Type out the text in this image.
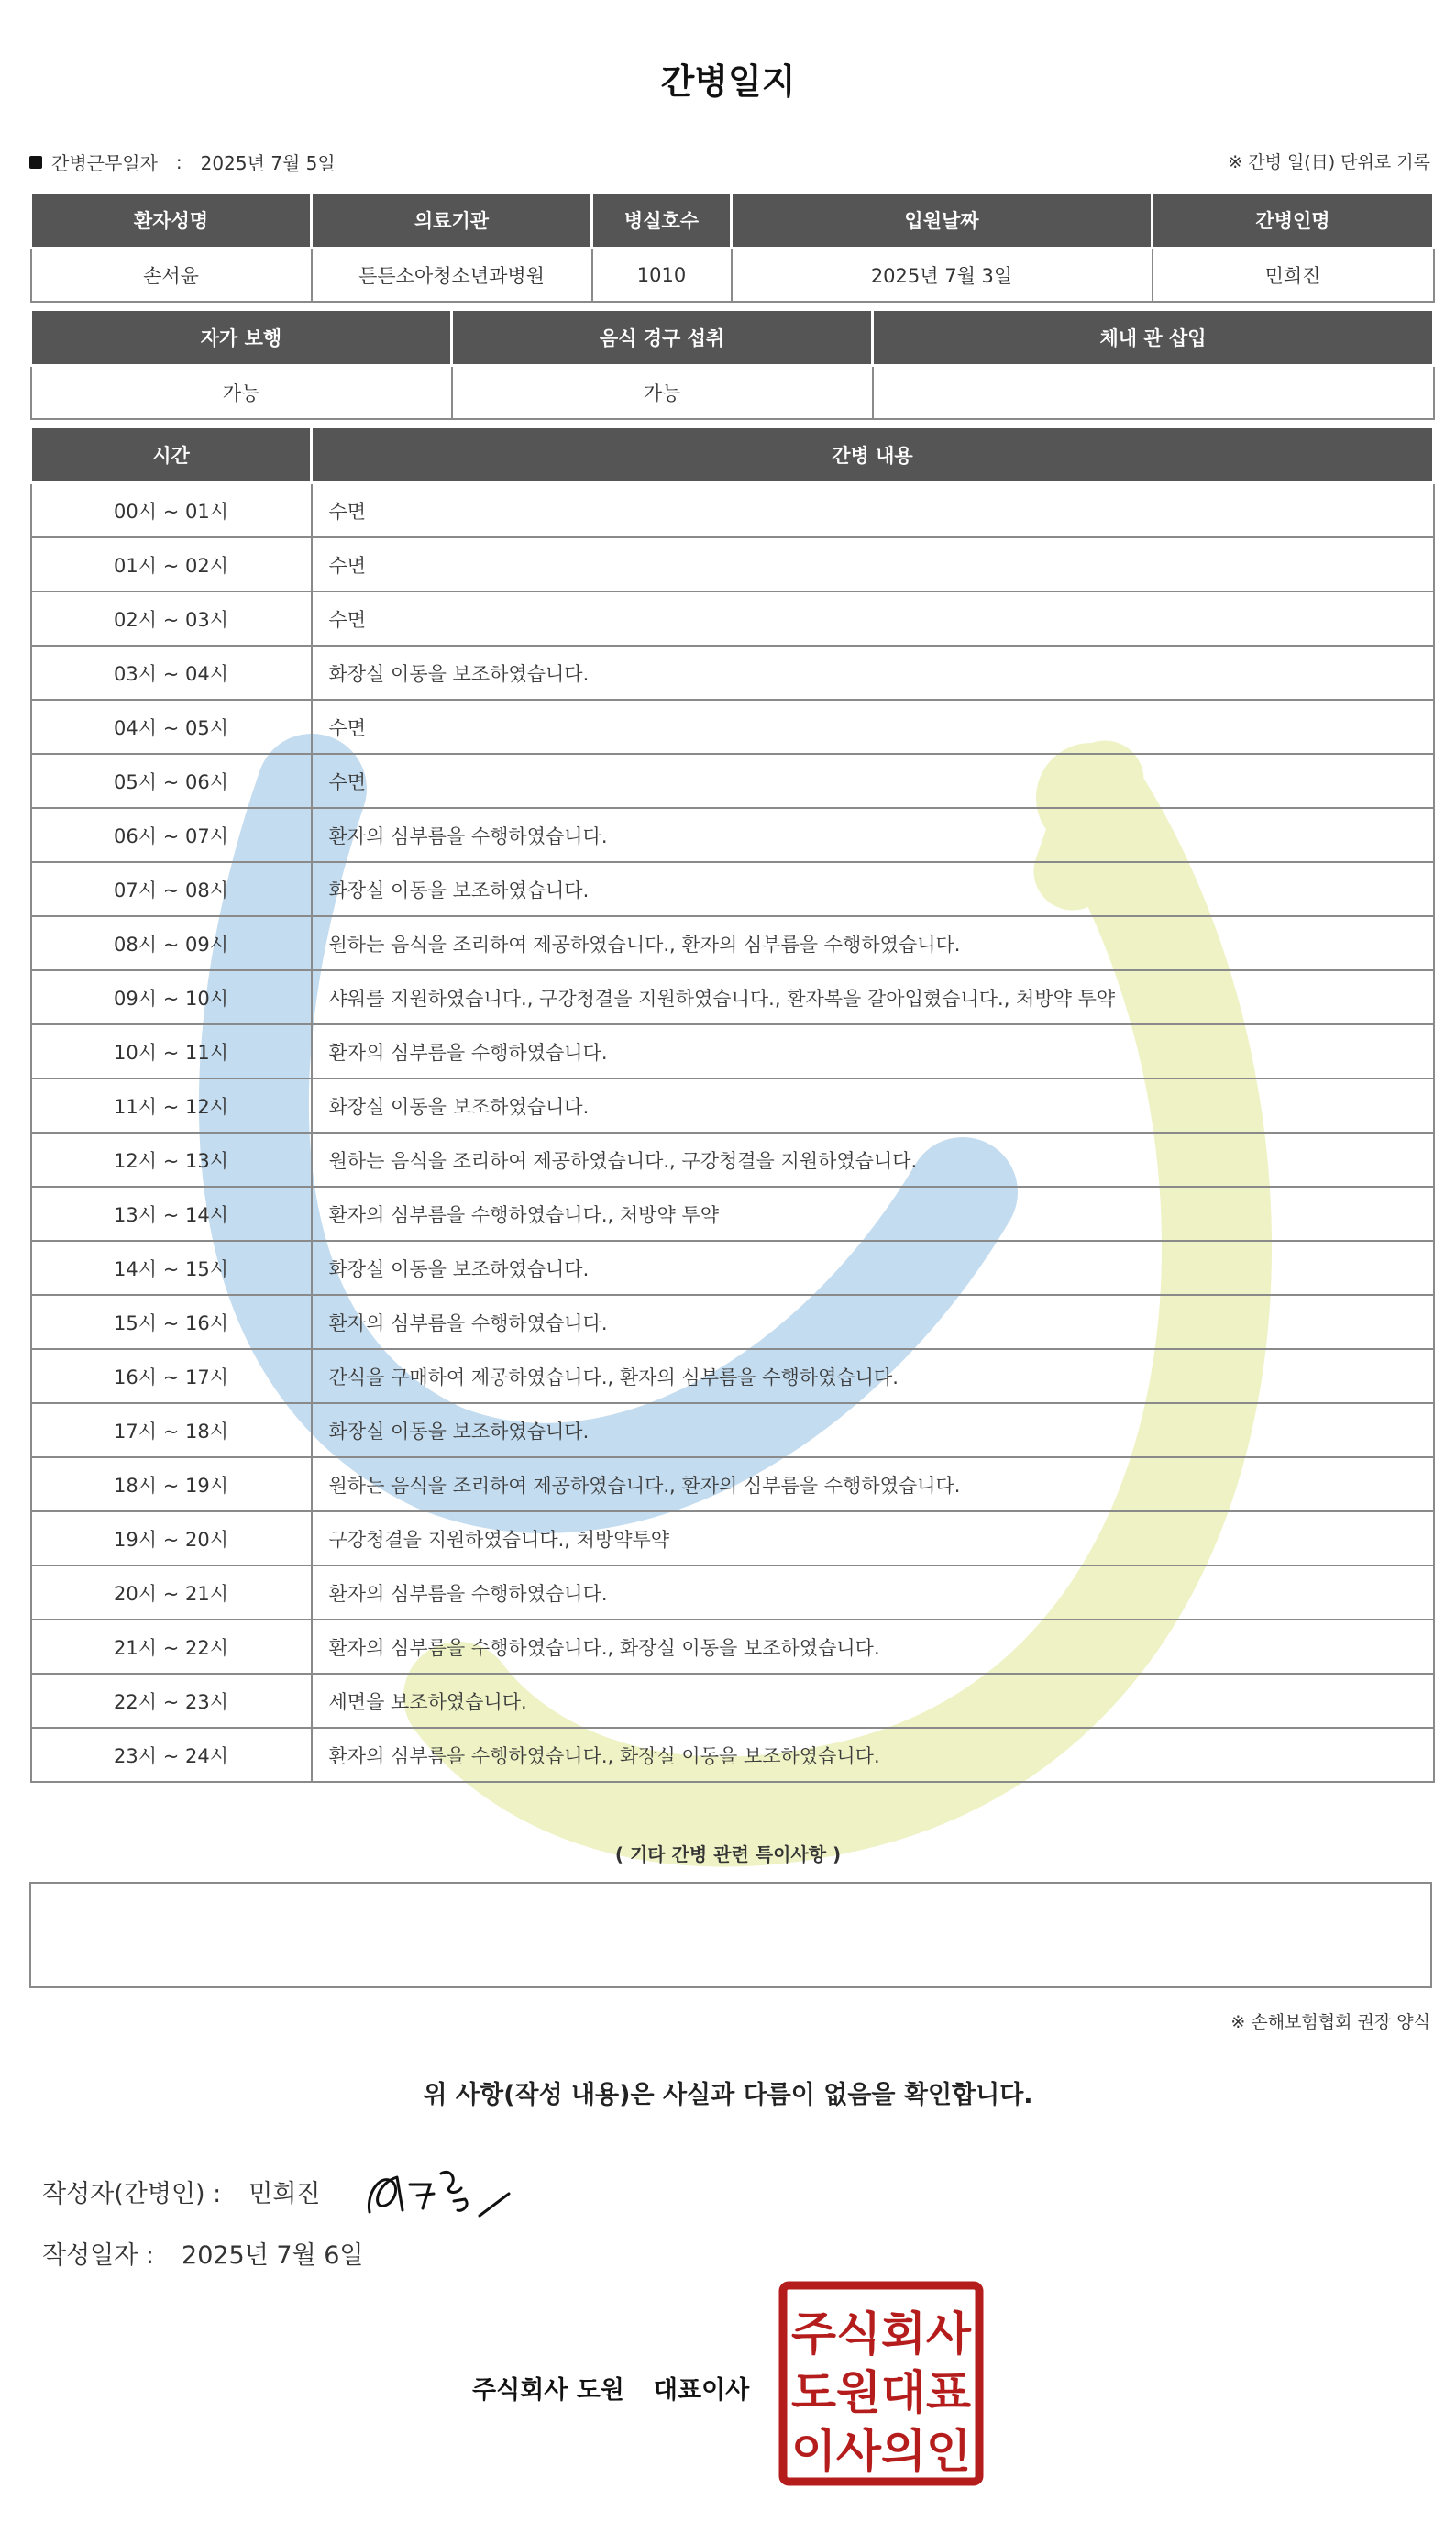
간병일지
간병근무일자 : 2025년 7월 5일	※ 간병 일(日) 단위로 기록
환자성명	의료기관	병실호수	입원날짜	간병인명
손서윤	튼튼소아청소년과병원	1010	2025년 7월 3일	민희진
자가 보행	음식 경구 섭취	체내 관 삽입
가능	가능	
시간	간병 내용
00시 ~ 01시	수면
01시 ~ 02시	수면
02시 ~ 03시	수면
03시 ~ 04시	화장실 이동을 보조하였습니다.
04시 ~ 05시	수면
05시 ~ 06시	수면
06시 ~ 07시	환자의 심부름을 수행하였습니다.
07시 ~ 08시	화장실 이동을 보조하였습니다.
08시 ~ 09시	원하는 음식을 조리하여 제공하였습니다., 환자의 심부름을 수행하였습니다.
09시 ~ 10시	샤워를 지원하였습니다., 구강청결을 지원하였습니다., 환자복을 갈아입혔습니다., 처방약 투약
10시 ~ 11시	환자의 심부름을 수행하였습니다.
11시 ~ 12시	화장실 이동을 보조하였습니다.
12시 ~ 13시	원하는 음식을 조리하여 제공하였습니다., 구강청결을 지원하였습니다.
13시 ~ 14시	환자의 심부름을 수행하였습니다., 처방약 투약
14시 ~ 15시	화장실 이동을 보조하였습니다.
15시 ~ 16시	환자의 심부름을 수행하였습니다.
16시 ~ 17시	간식을 구매하여 제공하였습니다., 환자의 심부름을 수행하였습니다.
17시 ~ 18시	화장실 이동을 보조하였습니다.
18시 ~ 19시	원하는 음식을 조리하여 제공하였습니다., 환자의 심부름을 수행하였습니다.
19시 ~ 20시	구강청결을 지원하였습니다., 처방약투약
20시 ~ 21시	환자의 심부름을 수행하였습니다.
21시 ~ 22시	환자의 심부름을 수행하였습니다., 화장실 이동을 보조하였습니다.
22시 ~ 23시	세면을 보조하였습니다.
23시 ~ 24시	환자의 심부름을 수행하였습니다., 화장실 이동을 보조하였습니다.
( 기타 간병 관련 특이사항 )
※ 손해보험협회 권장 양식
위 사항(작성 내용)은 사실과 다름이 없음을 확인합니다.
작성자(간병인) : 민희진
작성일자 : 2025년 7월 6일
주식회사 도원 대표이사
주식회사
도원대표
이사의인
